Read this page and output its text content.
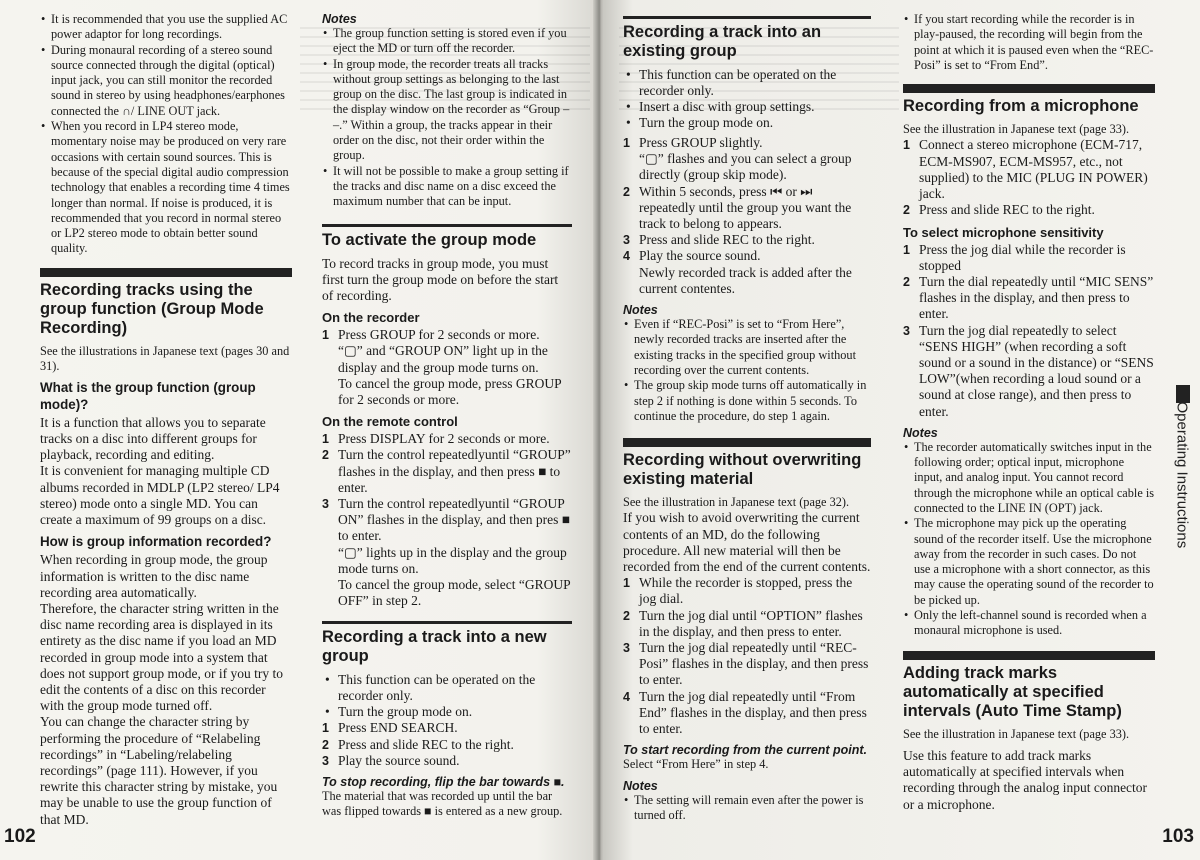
• It is recommended that you use the supplied AC power adaptor for long recordings.
• During monaural recording of a stereo sound source connected through the digital (optical) input jack, you can still monitor the recorded sound in stereo by using headphones/earphones connected the ∩/ LINE OUT jack.
• When you record in LP4 stereo mode, momentary noise may be produced on very rare occasions with certain sound sources. This is because of the special digital audio compression technology that enables a recording time 4 times longer than normal. If noise is produced, it is recommended that you record in normal stereo or LP2 stereo mode to obtain better sound quality.
Recording tracks using the group function (Group Mode Recording)

See the illustrations in Japanese text (pages 30 and 31).

What is the group function (group mode)?

It is a function that allows you to separate tracks on a disc into different groups for playback, recording and editing.

It is convenient for managing multiple CD albums recorded in MDLP (LP2 stereo/ LP4 stereo) mode onto a single MD. You can create a maximum of 99 groups on a disc.

How is group information recorded?

When recording in group mode, the group information is written to the disc name recording area automatically.

Therefore, the character string written in the disc name recording area is displayed in its entirety as the disc name if you load an MD recorded in group mode into a system that does not support group mode, or if you try to edit the contents of a disc on this recorder with the group mode turned off.

You can change the character string by performing the procedure of “Relabeling recordings” in “Labeling/relabeling recordings” (page 111). However, if you rewrite this character string by mistake, you may be unable to use the group function of that MD.

Notes
• The group function setting is stored even if you eject the MD or turn off the recorder.
• In group mode, the recorder treats all tracks without group settings as belonging to the last group on the disc. The last group is indicated in the display window on the recorder as “Group – –.” Within a group, the tracks appear in their order on the disc, not their order within the group.
• It will not be possible to make a group setting if the tracks and disc name on a disc exceed the maximum number that can be input.
To activate the group mode

To record tracks in group mode, you must first turn the group mode on before the start of recording.

On the recorder
1 Press GROUP for 2 seconds or more.
“▢” and “GROUP ON” light up in the display and the group mode turns on.
To cancel the group mode, press GROUP for 2 seconds or more.
On the remote control
1 Press DISPLAY for 2 seconds or more.
2 Turn the control repeatedlyuntil “GROUP” flashes in the display, and then press ■ to enter.
3 Turn the control repeatedlyuntil “GROUP ON” flashes in the display, and then pres ■ to enter.
“▢” lights up in the display and the group mode turns on.
To cancel the group mode, select “GROUP OFF” in step 2.
Recording a track into a new group
• This function can be operated on the recorder only.
• Turn the group mode on.
1 Press END SEARCH.
2 Press and slide REC to the right.
3 Play the source sound.
To stop recording, flip the bar towards ■.

The material that was recorded up until the bar was flipped towards ■ is entered as a new group.

102
Recording a track into an existing group
• This function can be operated on the recorder only.
• Insert a disc with group settings.
• Turn the group mode on.
1 Press GROUP slightly.
“▢” flashes and you can select a group directly (group skip mode).
2 Within 5 seconds, press ⏮ or ⏭ repeatedly until the group you want the track to belong to appears.
3 Press and slide REC to the right.
4 Play the source sound.
Newly recorded track is added after the current contentes.
Notes
• Even if “REC-Posi” is set to “From Here”, newly recorded tracks are inserted after the existing tracks in the specified group without recording over the current contents.
• The group skip mode turns off automatically in step 2 if nothing is done within 5 seconds. To continue the procedure, do step 1 again.
Recording without overwriting existing material

See the illustration in Japanese text (page 32).

If you wish to avoid overwriting the current contents of an MD, do the following procedure. All new material will then be recorded from the end of the current contents.

1 While the recorder is stopped, press the jog dial.
2 Turn the jog dial until “OPTION” flashes in the display, and then press to enter.
3 Turn the jog dial repeatedly until “REC-Posi” flashes in the display, and then press to enter.
4 Turn the jog dial repeatedly until “From End” flashes in the display, and then press to enter.
To start recording from the current point.

Select “From Here” in step 4.

Notes
• The setting will remain even after the power is turned off.
• If you start recording while the recorder is in play-paused, the recording will begin from the point at which it is paused even when the “REC-Posi” is set to “From End”.
Recording from a microphone

See the illustration in Japanese text (page 33).

1 Connect a stereo microphone (ECM-717, ECM-MS907, ECM-MS957, etc., not supplied) to the MIC (PLUG IN POWER) jack.
2 Press and slide REC to the right.
To select microphone sensitivity
1 Press the jog dial while the recorder is stopped
2 Turn the dial repeatedly until “MIC SENS” flashes in the display, and then press to enter.
3 Turn the jog dial repeatedly to select “SENS HIGH” (when recording a soft sound or a sound in the distance) or “SENS LOW”(when recording a loud sound or a sound at close range), and then press to enter.
Notes
• The recorder automatically switches input in the following order; optical input, microphone input, and analog input. You cannot record through the microphone while an optical cable is connected to the LINE IN (OPT) jack.
• The microphone may pick up the operating sound of the recorder itself. Use the microphone away from the recorder in such cases. Do not use a microphone with a short connector, as this may cause the operating sound of the recorder to be picked up.
• Only the left-channel sound is recorded when a monaural microphone is used.
Adding track marks automatically at specified intervals (Auto Time Stamp)

See the illustration in Japanese text (page 33).

Use this feature to add track marks automatically at specified intervals when recording through the analog input connector or a microphone.

Operating Instructions
103
